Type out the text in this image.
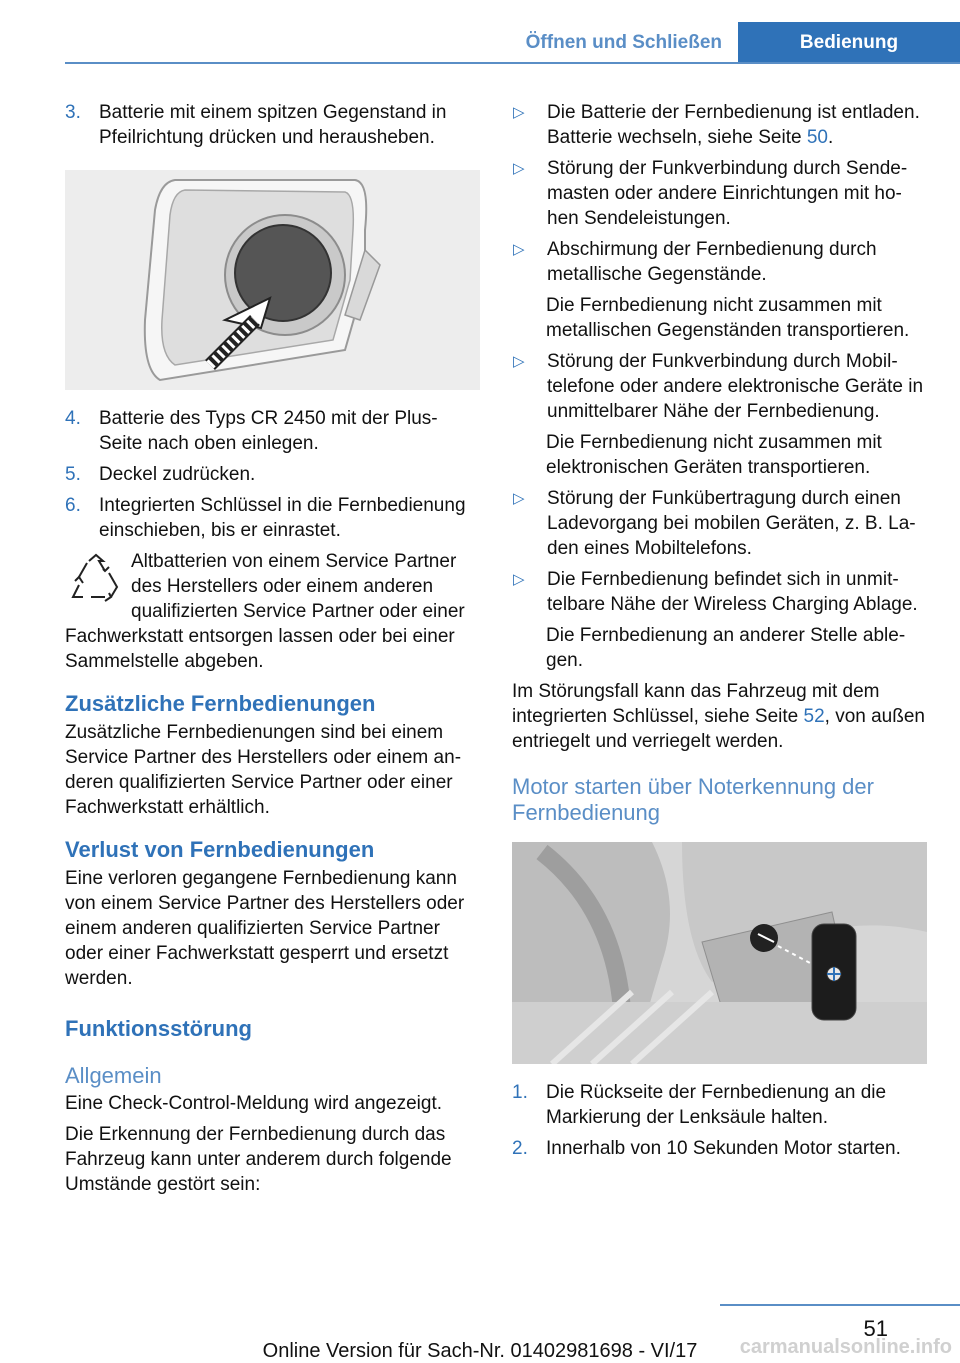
Öffnen und Schließen	Bedienung
3. Batterie mit einem spitzen Gegenstand in Pfeilrichtung drücken und herausheben.
4. Batterie des Typs CR 2450 mit der Plus-Seite nach oben einlegen.
5. Deckel zudrücken.
6. Integrierten Schlüssel in die Fernbedienung einschieben, bis er einrastet.
Altbatterien von einem Service Partner des Herstellers oder einem anderen qualifizierten Service Partner oder einer Fachwerkstatt entsorgen lassen oder bei einer Sammelstelle abgeben.
Zusätzliche Fernbedienungen
Zusätzliche Fernbedienungen sind bei einem Service Partner des Herstellers oder einem anderen qualifizierten Service Partner oder einer Fachwerkstatt erhältlich.
Verlust von Fernbedienungen
Eine verloren gegangene Fernbedienung kann von einem Service Partner des Herstellers oder einem anderen qualifizierten Service Partner oder einer Fachwerkstatt gesperrt und ersetzt werden.
Funktionsstörung
Allgemein
Eine Check-Control-Meldung wird angezeigt.
Die Erkennung der Fernbedienung durch das Fahrzeug kann unter anderem durch folgende Umstände gestört sein:
▷	Die Batterie der Fernbedienung ist entladen. Batterie wechseln, siehe Seite 50.
▷	Störung der Funkverbindung durch Sendemasten oder andere Einrichtungen mit hohen Sendeleistungen.
▷	Abschirmung der Fernbedienung durch metallische Gegenstände.
Die Fernbedienung nicht zusammen mit metallischen Gegenständen transportieren.
▷	Störung der Funkverbindung durch Mobiltelefone oder andere elektronische Geräte in unmittelbarer Nähe der Fernbedienung.
Die Fernbedienung nicht zusammen mit elektronischen Geräten transportieren.
▷	Störung der Funkübertragung durch einen Ladevorgang bei mobilen Geräten, z. B. Laden eines Mobiltelefons.
▷	Die Fernbedienung befindet sich in unmittelbare Nähe der Wireless Charging Ablage.
Die Fernbedienung an anderer Stelle ablegen.
Im Störungsfall kann das Fahrzeug mit dem integrierten Schlüssel, siehe Seite 52, von außen entriegelt und verriegelt werden.
Motor starten über Noterkennung der Fernbedienung
1. Die Rückseite der Fernbedienung an die Markierung der Lenksäule halten.
2. Innerhalb von 10 Sekunden Motor starten.
51
carmanualsonline.info
Online Version für Sach-Nr. 01402981698 - VI/17
